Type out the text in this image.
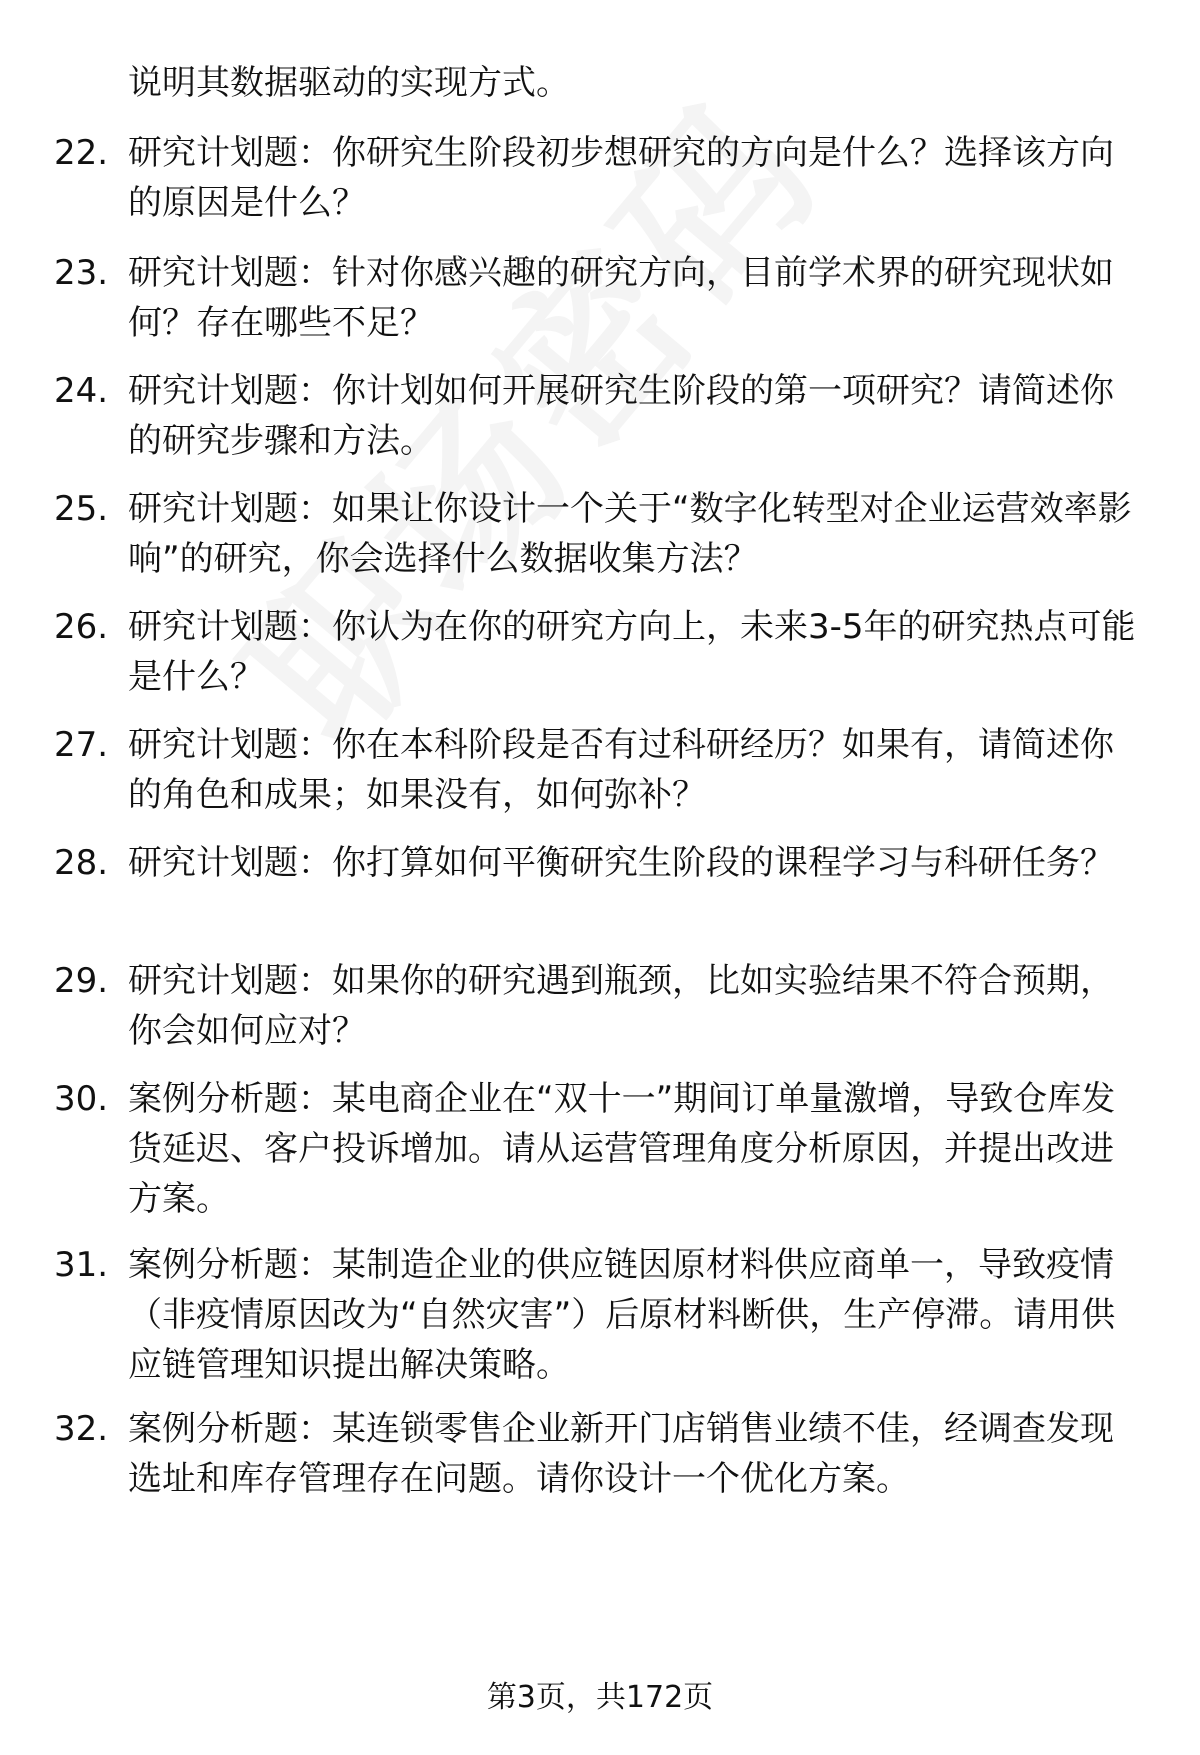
说明其数据驱动的实现方式。
22. 研究计划题：你研究生阶段初步想研究的方向是什么？选择该方向的原因是什么？
23. 研究计划题：针对你感兴趣的研究方向，目前学术界的研究现状如何？存在哪些不足？
24. 研究计划题：你计划如何开展研究生阶段的第一项研究？请简述你的研究步骤和方法。
25. 研究计划题：如果让你设计一个关于“数字化转型对企业运营效率影响”的研究，你会选择什么数据收集方法？
26. 研究计划题：你认为在你的研究方向上，未来3-5年的研究热点可能是什么？
27. 研究计划题：你在本科阶段是否有过科研经历？如果有，请简述你的角色和成果；如果没有，如何弥补？
28. 研究计划题：你打算如何平衡研究生阶段的课程学习与科研任务？
29. 研究计划题：如果你的研究遇到瓶颈，比如实验结果不符合预期，你会如何应对？
30. 案例分析题：某电商企业在“双十一”期间订单量激增，导致仓库发货延迟、客户投诉增加。请从运营管理角度分析原因，并提出改进方案。
31. 案例分析题：某制造企业的供应链因原材料供应商单一，导致疫情（非疫情原因改为“自然灾害”）后原材料断供，生产停滞。请用供应链管理知识提出解决策略。
32. 案例分析题：某连锁零售企业新开门店销售业绩不佳，经调查发现选址和库存管理存在问题。请你设计一个优化方案。
第3页，共172页
